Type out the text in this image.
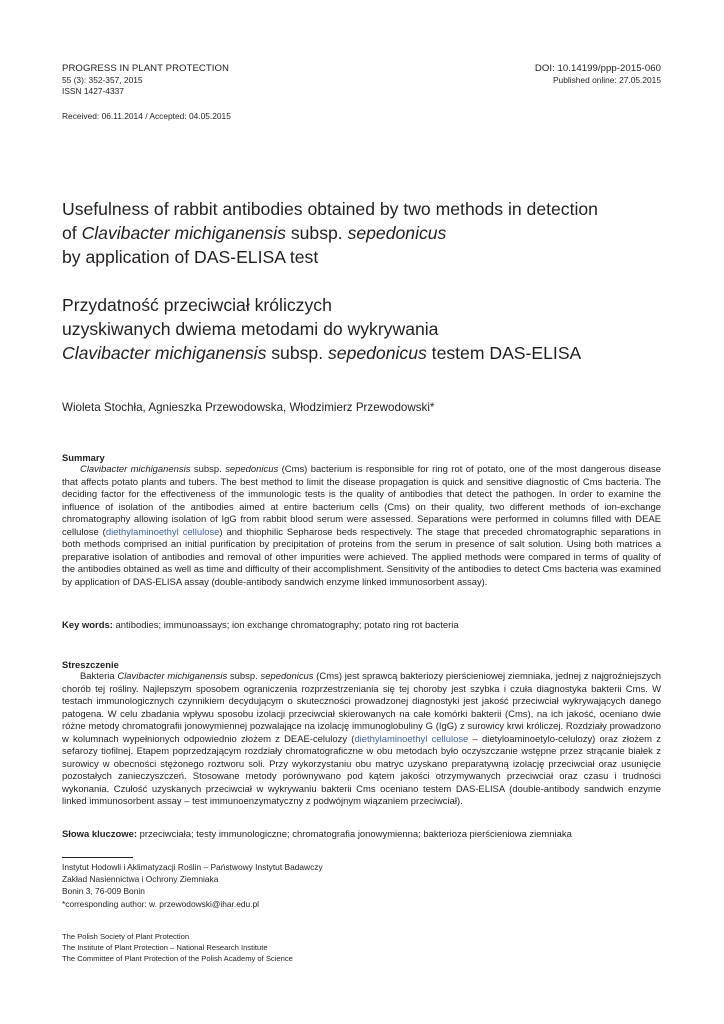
PROGRESS IN PLANT PROTECTION
55 (3): 352-357, 2015
ISSN 1427-4337
DOI: 10.14199/ppp-2015-060
Published online: 27.05.2015
Received: 06.11.2014 / Accepted: 04.05.2015
Usefulness of rabbit antibodies obtained by two methods in detection
of Clavibacter michiganensis subsp. sepedonicus
by application of DAS-ELISA test
Przydatność przeciwciał króliczych
uzyskiwanych dwiema metodami do wykrywania
Clavibacter michiganensis subsp. sepedonicus testem DAS-ELISA
Wioleta Stochła, Agnieszka Przewodowska, Włodzimierz Przewodowski*
Summary

Clavibacter michiganensis subsp. sepedonicus (Cms) bacterium is responsible for ring rot of potato, one of the most dangerous disease that affects potato plants and tubers. The best method to limit the disease propagation is quick and sensitive diagnostic of Cms bacteria. The deciding factor for the effectiveness of the immunologic tests is the quality of antibodies that detect the pathogen. In order to examine the influence of isolation of the antibodies aimed at entire bacterium cells (Cms) on their quality, two different methods of ion-exchange chromatography allowing isolation of IgG from rabbit blood serum were assessed. Separations were performed in columns filled with DEAE cellulose (diethylaminoethyl cellulose) and thiophilic Sepharose beds respectively. The stage that preceded chromatographic separations in both methods comprised an initial purification by precipitation of proteins from the serum in presence of salt solution. Using both matrices a preparative isolation of antibodies and removal of other impurities were achieved. The applied methods were compared in terms of quality of the antibodies obtained as well as time and difficulty of their accomplishment. Sensitivity of the antibodies to detect Cms bacteria was examined by application of DAS-ELISA assay (double-antibody sandwich enzyme linked immunosorbent assay).

Key words: antibodies; immunoassays; ion exchange chromatography; potato ring rot bacteria
Streszczenie

Bakteria Clavibacter michiganensis subsp. sepedonicus (Cms) jest sprawcą bakteriozy pierścieniowej ziemniaka, jednej z najgroźniejszych chorób tej rośliny. Najlepszym sposobem ograniczenia rozprzestrzeniania się tej choroby jest szybka i czuła diagnostyka bakterii Cms. W testach immunologicznych czynnikiem decydującym o skuteczności prowadzonej diagnostyki jest jakość przeciwciał wykrywających danego patogena. W celu zbadania wpływu sposobu izolacji przeciwciał skierowanych na całe komórki bakterii (Cms), na ich jakość, oceniano dwie różne metody chromatografii jonowymiennej pozwalające na izolację immunoglobuliny G (IgG) z surowicy krwi króliczej. Rozdziały prowadzono w kolumnach wypełnionych odpowiednio złożem z DEAE-celulozy (diethylaminoethyl cellulose – dietyloaminoetylo-celulozy) oraz złożem z sefarozy tiofilnej. Etapem poprzedzającym rozdziały chromatograficzne w obu metodach było oczyszczanie wstępne przez strącanie białek z surowicy w obecności stężonego roztworu soli. Przy wykorzystaniu obu matryc uzyskano preparatywną izolację przeciwciał oraz usunięcie pozostałych zanieczyszczeń. Stosowane metody porównywano pod kątem jakości otrzymywanych przeciwciał oraz czasu i trudności wykonania. Czułość uzyskanych przeciwciał w wykrywaniu bakterii Cms oceniano testem DAS-ELISA (double-antibody sandwich enzyme linked immunosorbent assay – test immunoenzymatyczny z podwójnym wiązaniem przeciwciał).

Słowa kluczowe: przeciwciała; testy immunologiczne; chromatografia jonowymienna; bakterioza pierścieniowa ziemniaka
Instytut Hodowli i Aklimatyzacji Roślin – Państwowy Instytut Badawczy
Zakład Nasiennictwa i Ochrony Ziemniaka
Bonin 3, 76-009 Bonin
*corresponding author: w. przewodowski@ihar.edu.pl
The Polish Society of Plant Protection
The Institute of Plant Protection – National Research Institute
The Committee of Plant Protection of the Polish Academy of Science
